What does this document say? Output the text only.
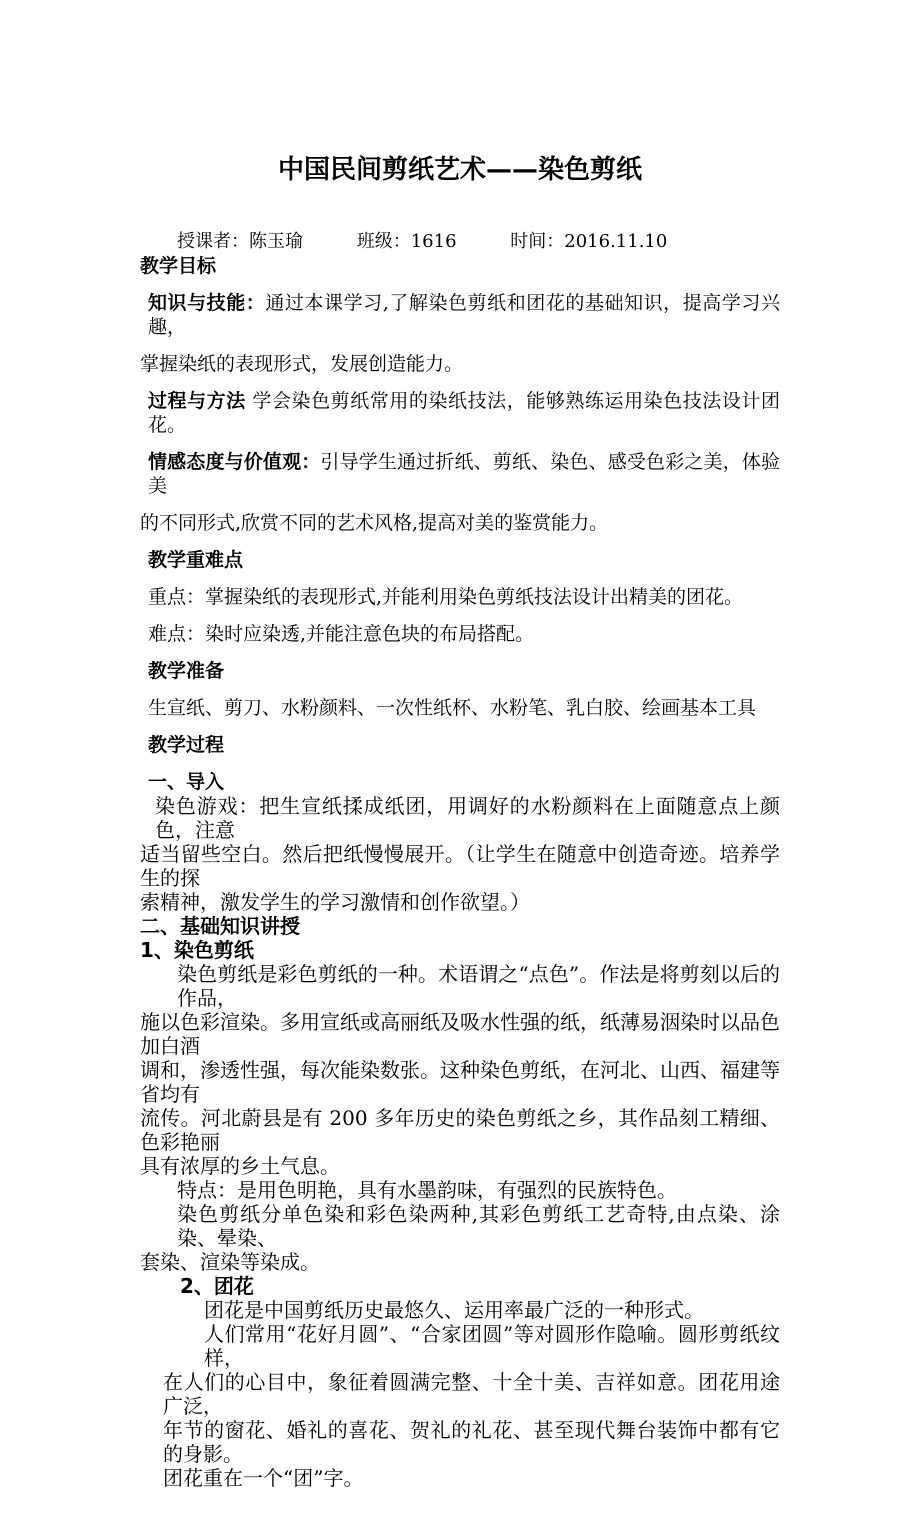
中国民间剪纸艺术——染色剪纸
授课者：陈玉瑜	班级：1616	时间：2016.11.10
教学目标
知识与技能：通过本课学习,了解染色剪纸和团花的基础知识，提高学习兴趣，
掌握染纸的表现形式，发展创造能力。
过程与方法 学会染色剪纸常用的染纸技法，能够熟练运用染色技法设计团花。
情感态度与价值观：引导学生通过折纸、剪纸、染色、感受色彩之美，体验美
的不同形式,欣赏不同的艺术风格,提高对美的鉴赏能力。
教学重难点
重点：掌握染纸的表现形式,并能利用染色剪纸技法设计出精美的团花。
难点：染时应染透,并能注意色块的布局搭配。
教学准备
生宣纸、剪刀、水粉颜料、一次性纸杯、水粉笔、乳白胶、绘画基本工具
教学过程
一、导入
染色游戏：把生宣纸揉成纸团，用调好的水粉颜料在上面随意点上颜色，注意
适当留些空白。然后把纸慢慢展开。（让学生在随意中创造奇迹。培养学生的探
索精神，激发学生的学习激情和创作欲望。）
二、基础知识讲授
1、染色剪纸
染色剪纸是彩色剪纸的一种。术语谓之“点色”。作法是将剪刻以后的作品，
施以色彩渲染。多用宣纸或高丽纸及吸水性强的纸，纸薄易洇染时以品色加白酒
调和，渗透性强，每次能染数张。这种染色剪纸，在河北、山西、福建等省均有
流传。河北蔚县是有 200 多年历史的染色剪纸之乡，其作品刻工精细、色彩艳丽
具有浓厚的乡土气息。
特点：是用色明艳，具有水墨韵味，有强烈的民族特色。
染色剪纸分单色染和彩色染两种,其彩色剪纸工艺奇特,由点染、涂染、晕染、
套染、渲染等染成。
2、团花
团花是中国剪纸历史最悠久、运用率最广泛的一种形式。
人们常用“花好月圆”、“合家团圆”等对圆形作隐喻。圆形剪纸纹样，
在人们的心目中，象征着圆满完整、十全十美、吉祥如意。团花用途广泛，
年节的窗花、婚礼的喜花、贺礼的礼花、甚至现代舞台装饰中都有它的身影。
团花重在一个“团”字。
